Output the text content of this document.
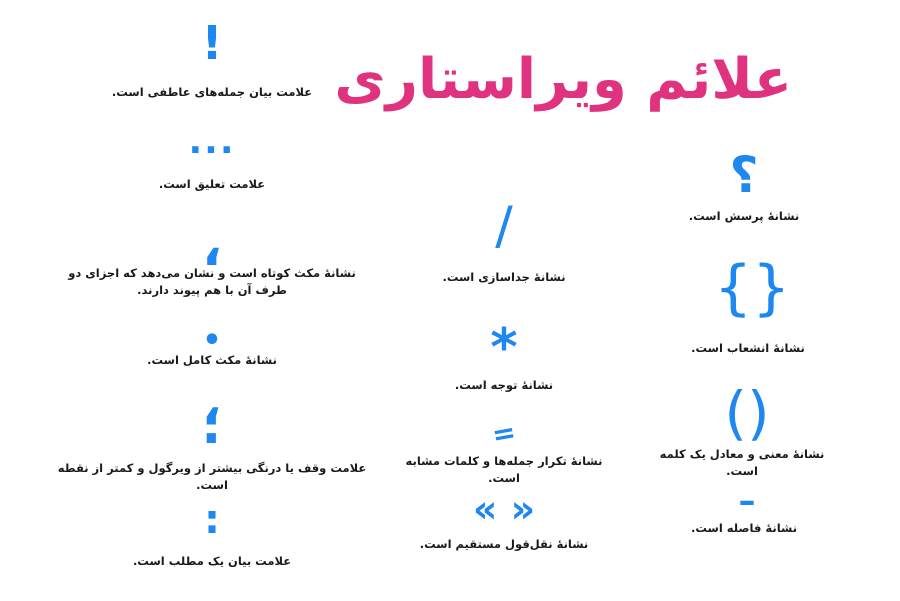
علائم ویراستاری
!
علامت بیان جمله‌های عاطفی است.
...
علامت تعلیق است.
،
نشانهٔ مکث کوتاه است و نشان می‌دهد که اجزای دو طرف آن با هم پیوند دارند.
•
نشانهٔ مکث کامل است.
؛
علامت وقف یا درنگی بیشتر از ویرگول و کمتر از نقطه است.
:
علامت بیان یک مطلب است.
/
نشانهٔ جداسازی است.
*
نشانهٔ توجه است.
=
نشانهٔ تکرار جمله‌ها و کلمات مشابه است.
« »
نشانهٔ نقل‌قول مستقیم است.
؟
نشانهٔ پرسش است.
{}
نشانهٔ انشعاب است.
()
نشانهٔ معنی و معادل یک کلمه است.
–
نشانهٔ فاصله است.
